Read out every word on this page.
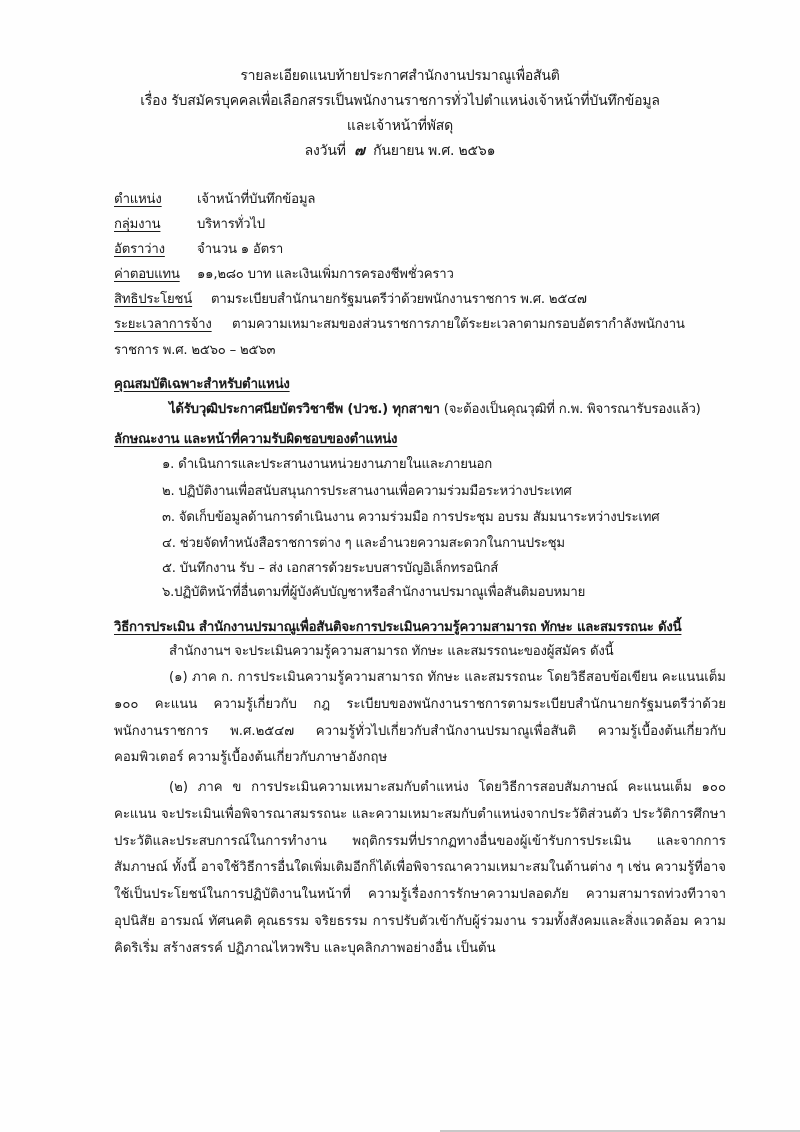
รายละเอียดแนบท้ายประกาศสำนักงานปรมาณูเพื่อสันติ
เรื่อง รับสมัครบุคคลเพื่อเลือกสรรเป็นพนักงานราชการทั่วไปตำแหน่งเจ้าหน้าที่บันทึกข้อมูล
และเจ้าหน้าที่พัสดุ
ลงวันที่ ๗ กันยายน พ.ศ. ๒๕๖๑
ตำแหน่ง	เจ้าหน้าที่บันทึกข้อมูล
กลุ่มงาน	บริหารทั่วไป
อัตราว่าง จำนวน ๑ อัตรา
ค่าตอบแทน ๑๑,๒๘๐ บาท และเงินเพิ่มการครองชีพชั่วคราว
สิทธิประโยชน์ ตามระเบียบสำนักนายกรัฐมนตรีว่าด้วยพนักงานราชการ พ.ศ. ๒๕๔๗
ระยะเวลาการจ้าง ตามความเหมาะสมของส่วนราชการภายใต้ระยะเวลาตามกรอบอัตรากำลังพนักงาน
ราชการ พ.ศ. ๒๕๖๐ – ๒๕๖๓
คุณสมบัติเฉพาะสำหรับตำแหน่ง
ได้รับวุฒิประกาศนียบัตรวิชาชีพ (ปวช.) ทุกสาขา (จะต้องเป็นคุณวุฒิที่ ก.พ. พิจารณารับรองแล้ว)
ลักษณะงาน และหน้าที่ความรับผิดชอบของตำแหน่ง
๑. ดำเนินการและประสานงานหน่วยงานภายในและภายนอก
๒. ปฏิบัติงานเพื่อสนับสนุนการประสานงานเพื่อความร่วมมือระหว่างประเทศ
๓. จัดเก็บข้อมูลด้านการดำเนินงาน ความร่วมมือ การประชุม อบรม สัมมนาระหว่างประเทศ
๔. ช่วยจัดทำหนังสือราชการต่าง ๆ และอำนวยความสะดวกในกานประชุม
๕. บันทึกงาน รับ – ส่ง เอกสารด้วยระบบสารบัญอิเล็กทรอนิกส์
๖.ปฏิบัติหน้าที่อื่นตามที่ผู้บังคับบัญชาหรือสำนักงานปรมาณูเพื่อสันติมอบหมาย
วิธีการประเมิน สำนักงานปรมาณูเพื่อสันติจะการประเมินความรู้ความสามารถ ทักษะ และสมรรถนะ ดังนี้
สำนักงานฯ จะประเมินความรู้ความสามารถ ทักษะ และสมรรถนะของผู้สมัคร ดังนี้
(๑) ภาค ก. การประเมินความรู้ความสามารถ ทักษะ และสมรรถนะ โดยวิธีสอบข้อเขียน คะแนนเต็ม ๑๐๐ คะแนน ความรู้เกี่ยวกับ กฎ ระเบียบของพนักงานราชการตามระเบียบสำนักนายกรัฐมนตรีว่าด้วยพนักงานราชการ พ.ศ.๒๕๔๗ ความรู้ทั่วไปเกี่ยวกับสำนักงานปรมาณูเพื่อสันติ ความรู้เบื้องต้นเกี่ยวกับคอมพิวเตอร์ ความรู้เบื้องต้นเกี่ยวกับภาษาอังกฤษ
(๒) ภาค ข การประเมินความเหมาะสมกับตำแหน่ง โดยวิธีการสอบสัมภาษณ์ คะแนนเต็ม ๑๐๐ คะแนน จะประเมินเพื่อพิจารณาสมรรถนะ และความเหมาะสมกับตำแหน่งจากประวัติส่วนตัว ประวัติการศึกษา ประวัติและประสบการณ์ในการทำงาน พฤติกรรมที่ปรากฏทางอื่นของผู้เข้ารับการประเมิน และจากการสัมภาษณ์ ทั้งนี้ อาจใช้วิธีการอื่นใดเพิ่มเติมอีกก็ได้เพื่อพิจารณาความเหมาะสมในด้านต่าง ๆ เช่น ความรู้ที่อาจใช้เป็นประโยชน์ในการปฏิบัติงานในหน้าที่ ความรู้เรื่องการรักษาความปลอดภัย ความสามารถท่วงทีวาจา อุปนิสัย อารมณ์ ทัศนคติ คุณธรรม จริยธรรม การปรับตัวเข้ากับผู้ร่วมงาน รวมทั้งสังคมและสิ่งแวดล้อม ความคิดริเริ่ม สร้างสรรค์ ปฏิภาณไหวพริบ และบุคลิกภาพอย่างอื่น เป็นต้น
